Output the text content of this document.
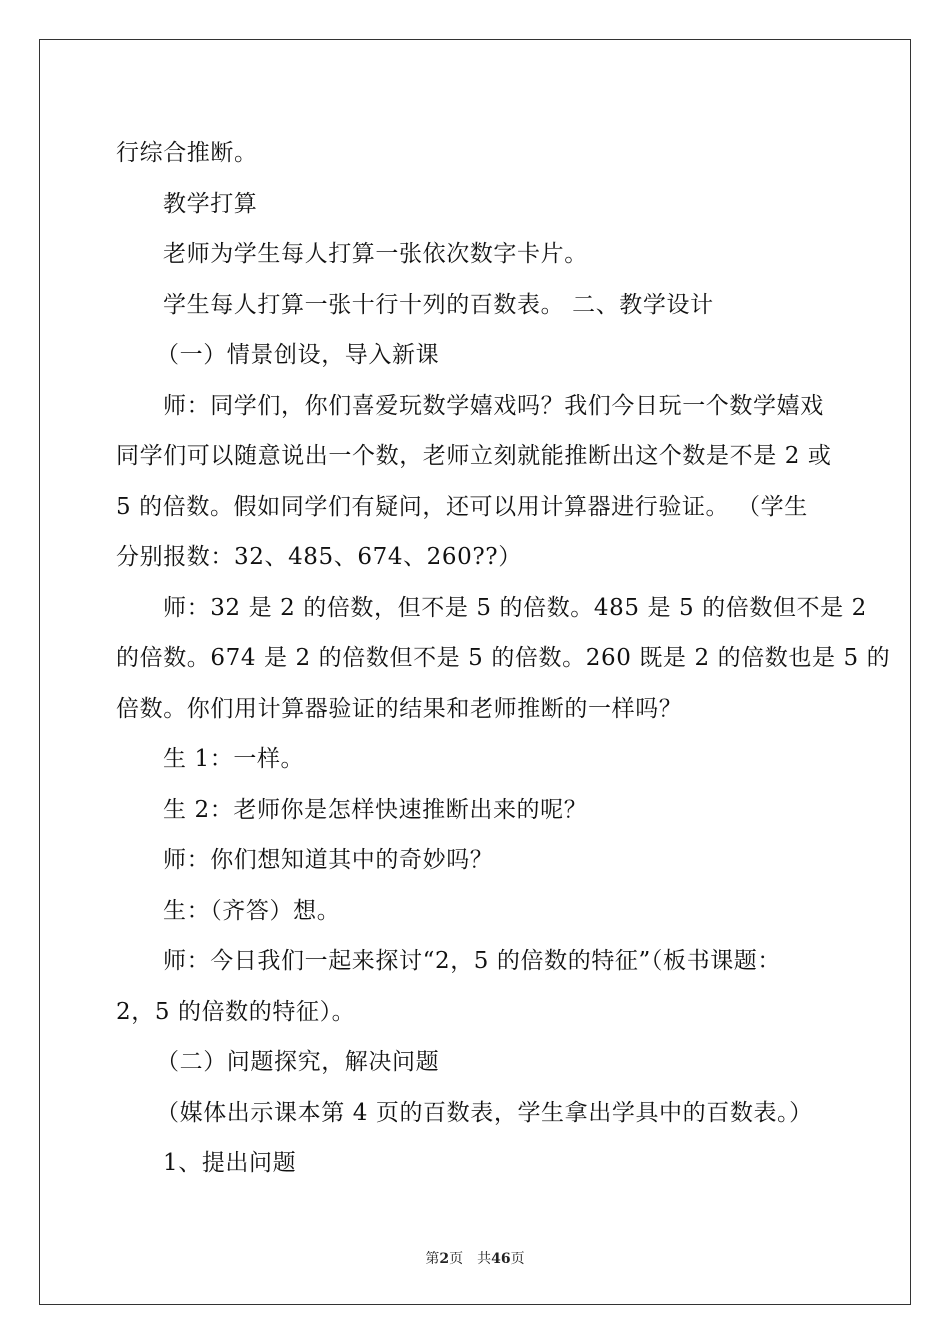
行综合推断。

教学打算

老师为学生每人打算一张依次数字卡片。

学生每人打算一张十行十列的百数表。 二、教学设计

（一）情景创设，导入新课

师：同学们，你们喜爱玩数学嬉戏吗？我们今日玩一个数学嬉戏

同学们可以随意说出一个数，老师立刻就能推断出这个数是不是 2 或

5 的倍数。假如同学们有疑问，还可以用计算器进行验证。 （学生

分别报数：32、485、674、260??）

师：32 是 2 的倍数，但不是 5 的倍数。485 是 5 的倍数但不是 2

的倍数。674 是 2 的倍数但不是 5 的倍数。260 既是 2 的倍数也是 5 的

倍数。你们用计算器验证的结果和老师推断的一样吗？

生 1：一样。

生 2：老师你是怎样快速推断出来的呢？

师：你们想知道其中的奇妙吗？

生：（齐答）想。

师：今日我们一起来探讨“2，5 的倍数的特征”（板书课题：

2，5 的倍数的特征）。

（二）问题探究，解决问题

（媒体出示课本第 4 页的百数表，学生拿出学具中的百数表。）

1、提出问题

第2页 共46页
